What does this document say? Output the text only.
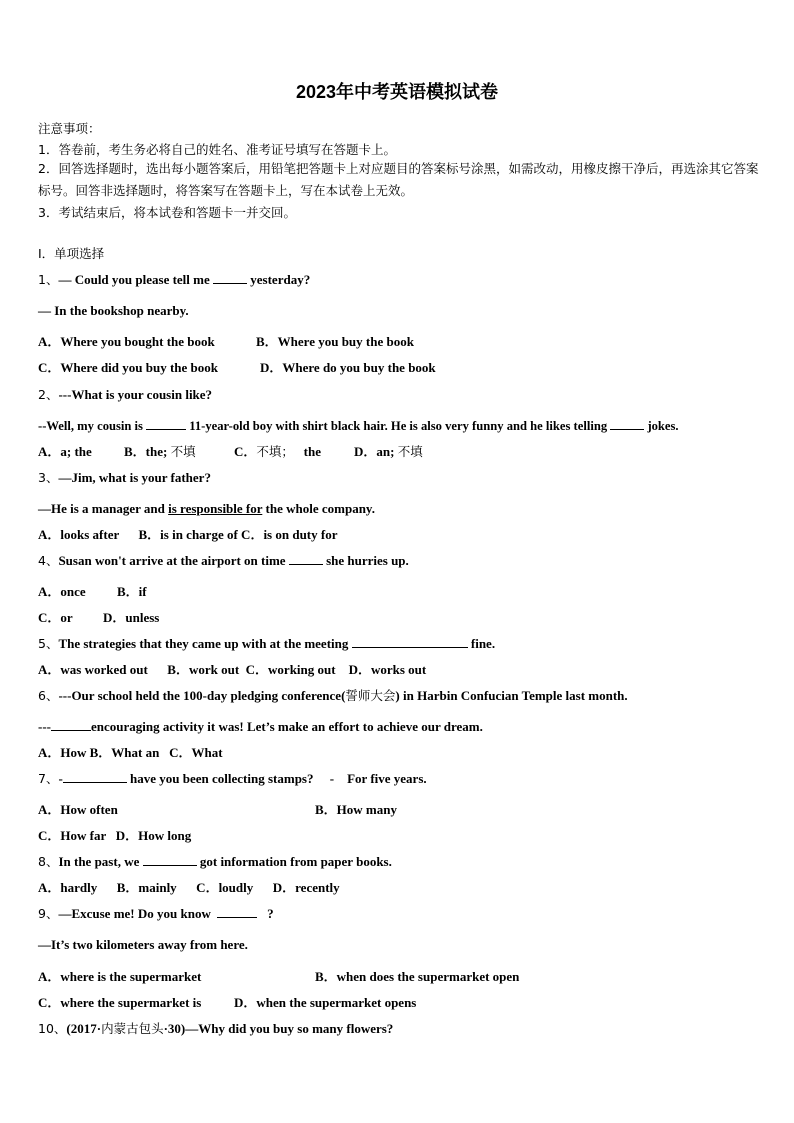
2023年中考英语模拟试卷
注意事项：
1．答卷前，考生务必将自己的姓名、准考证号填写在答题卡上。
2．回答选择题时，选出每小题答案后，用铅笔把答题卡上对应题目的答案标号涂黑，如需改动，用橡皮擦干净后，再选涂其它答案标号。回答非选择题时，将答案写在答题卡上，写在本试卷上无效。
3．考试结束后，将本试卷和答题卡一并交回。
Ⅰ．单项选择
1、— Could you please tell me	yesterday?
— In the bookshop nearby.
A．Where you bought the book	B．Where you buy the book
C．Where did you buy the book	D．Where do you buy the book
2、---What is your cousin like?
--Well, my cousin is	11-year-old boy with shirt black hair. He is also very funny and he likes telling	jokes.
A．a; the B．the; 不填	C．不填； the	D．an; 不填
3、—Jim, what is your father?
—He is a manager and is responsible for the whole company.
A．looks after      B．is in charge of C．is on duty for
4、Susan won't arrive at the airport on time	she hurries up.
A．once B．if
C．or D．unless
5、The strategies that they came up with at the meeting	fine.
A．was worked out      B．work out  C．working out    D．works out
6、---Our school held the 100-day pledging conference(誓师大会) in Harbin Confucian Temple last month.
---	encouraging activity it was! Let’s make an effort to achieve our dream.
A．How B．What an   C．What
7、-	have you been collecting stamps? - For five years.
A．How often	B．How many
C．How far   D．How long
8、In the past, we	got information from paper books.
A．hardly      B．mainly      C．loudly      D．recently
9、—Excuse me! Do you know	?
—It’s two kilometers away from here.
A．where is the supermarket	B．when does the supermarket open
C．where the supermarket is	D．when the supermarket opens
10、(2017·内蒙古包头·30)—Why did you buy so many flowers?
